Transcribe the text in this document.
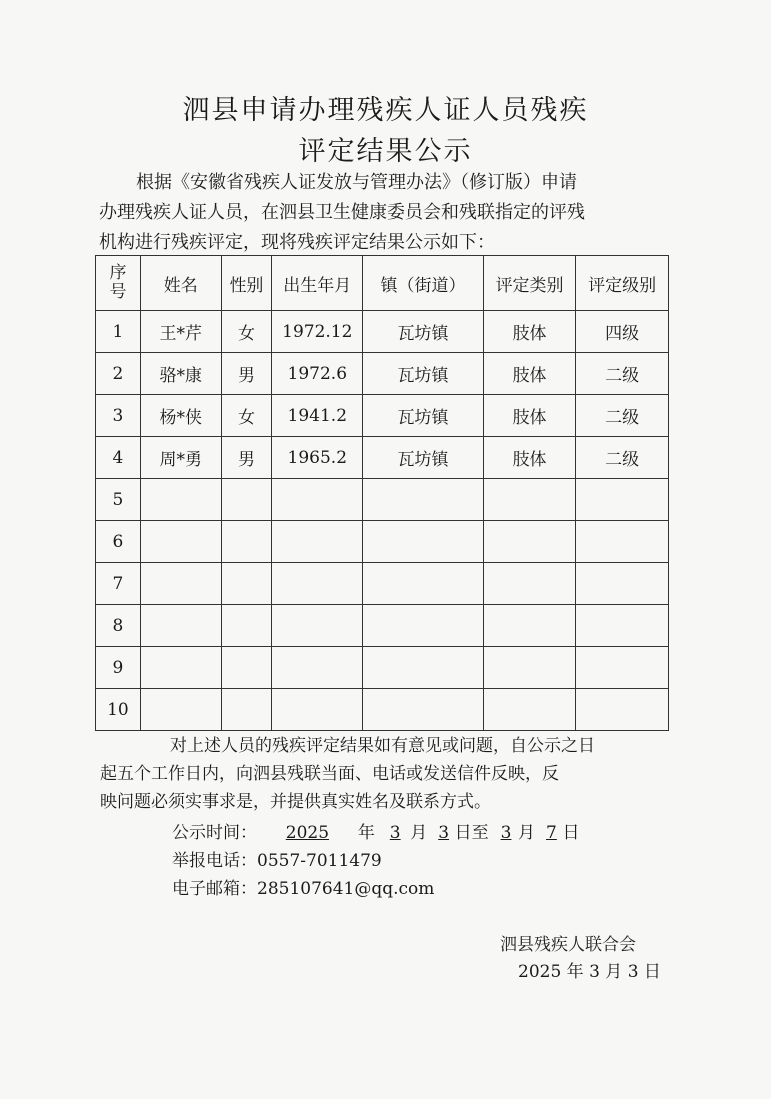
泗县申请办理残疾人证人员残疾
评定结果公示
根据《安徽省残疾人证发放与管理办法》（修订版）申请
办理残疾人证人员，在泗县卫生健康委员会和残联指定的评残
机构进行残疾评定，现将残疾评定结果公示如下：
序
号	姓名	性别	出生年月	镇（街道）	评定类别	评定级别
1	王*芹	女	1972.12	瓦坊镇	肢体	四级
2	骆*康	男	1972.6	瓦坊镇	肢体	二级
3	杨*侠	女	1941.2	瓦坊镇	肢体	二级
4	周*勇	男	1965.2	瓦坊镇	肢体	二级
5						
6						
7						
8						
9						
10						
对上述人员的残疾评定结果如有意见或问题，自公示之日
起五个工作日内，向泗县残联当面、电话或发送信件反映，反
映问题必须实事求是，并提供真实姓名及联系方式。
公示时间： 2025 年 3 月 3 日至 3 月 7 日
举报电话：0557-7011479
电子邮箱：285107641@qq.com
泗县残疾人联合会
2025 年 3 月 3 日
